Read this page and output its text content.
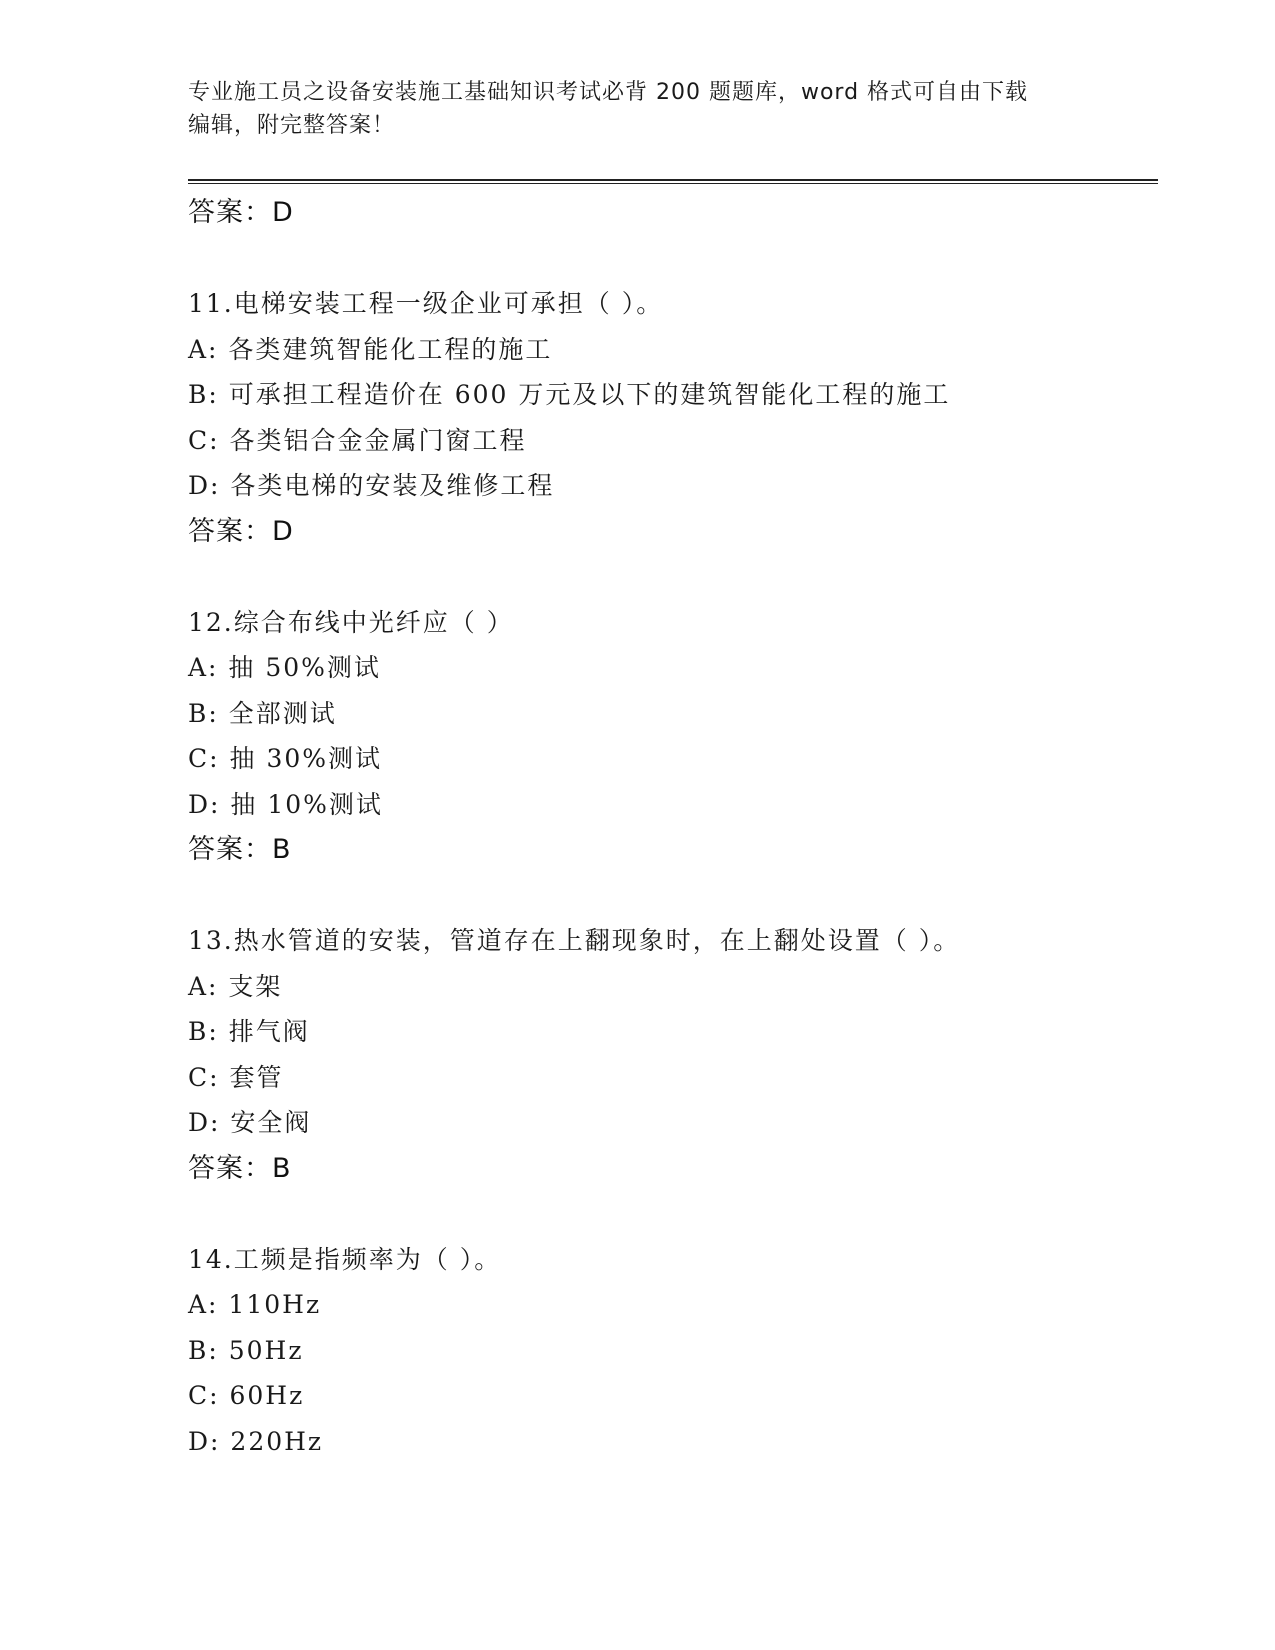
专业施工员之设备安装施工基础知识考试必背 200 题题库，word 格式可自由下载
编辑，附完整答案！
答案：D
11.电梯安装工程一级企业可承担（ ）。
A: 各类建筑智能化工程的施工
B: 可承担工程造价在 600 万元及以下的建筑智能化工程的施工
C: 各类铝合金金属门窗工程
D: 各类电梯的安装及维修工程
答案：D
12.综合布线中光纤应（ ）
A: 抽 50%测试
B: 全部测试
C: 抽 30%测试
D: 抽 10%测试
答案：B
13.热水管道的安装，管道存在上翻现象时，在上翻处设置（ ）。
A: 支架
B: 排气阀
C: 套管
D: 安全阀
答案：B
14.工频是指频率为（ ）。
A: 110Hz
B: 50Hz
C: 60Hz
D: 220Hz
